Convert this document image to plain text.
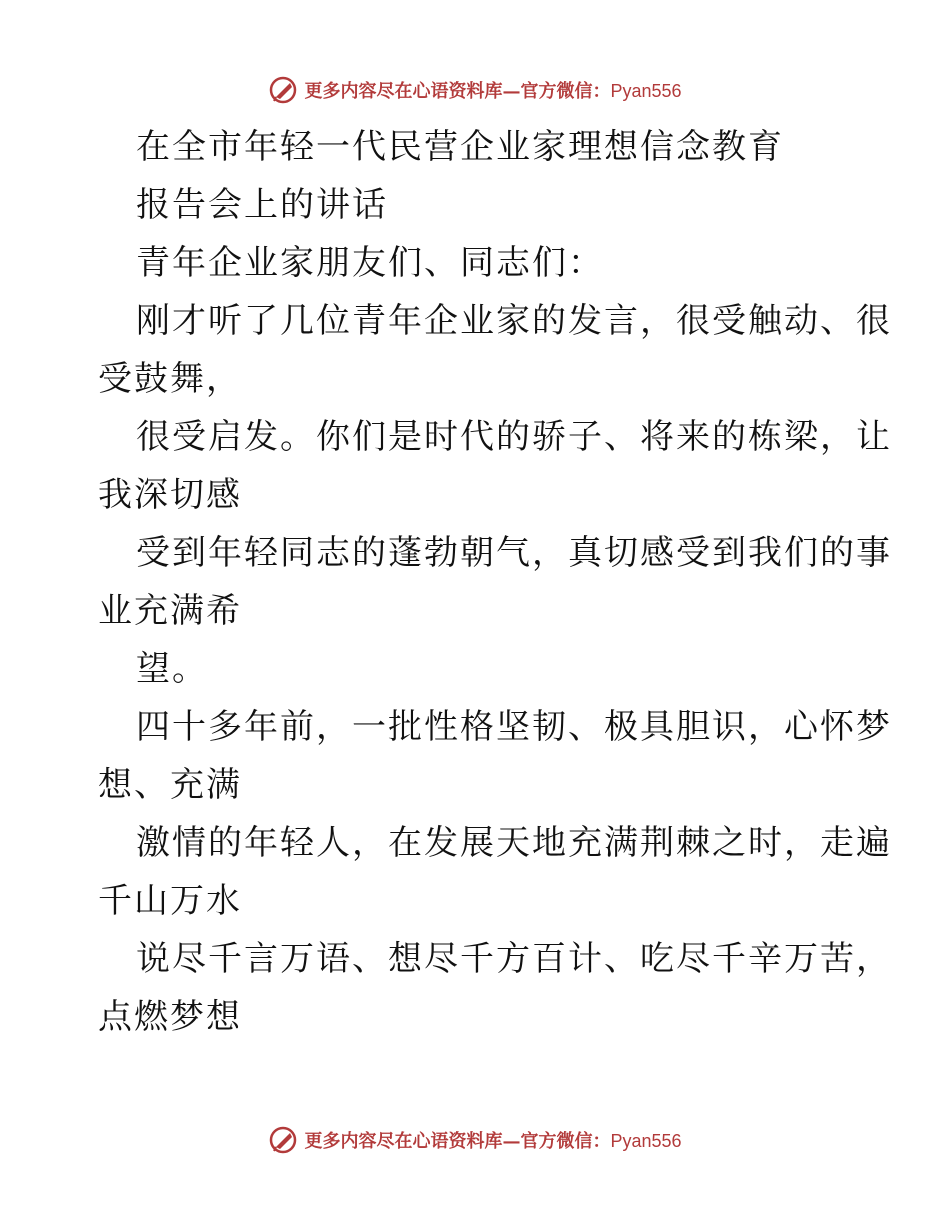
更多内容尽在心语资料库—官方微信：Pyan556

在全市年轻一代民营企业家理想信念教育

报告会上的讲话

青年企业家朋友们、同志们：

刚才听了几位青年企业家的发言，很受触动、很

受鼓舞，

很受启发。你们是时代的骄子、将来的栋梁，让

我深切感

受到年轻同志的蓬勃朝气，真切感受到我们的事

业充满希

望。

四十多年前，一批性格坚韧、极具胆识，心怀梦

想、充满

激情的年轻人，在发展天地充满荆棘之时，走遍

千山万水

说尽千言万语、想尽千方百计、吃尽千辛万苦，

点燃梦想

更多内容尽在心语资料库—官方微信：Pyan556
